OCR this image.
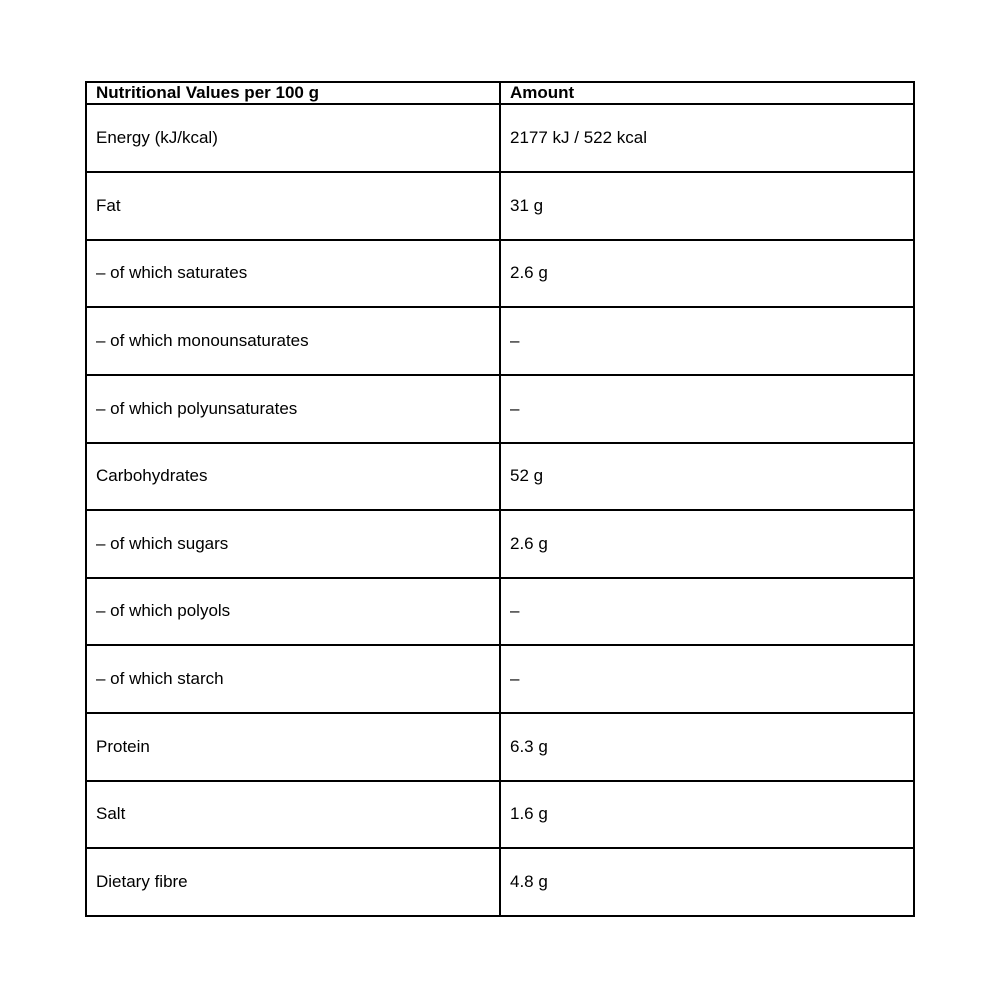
Nutritional Values per 100 g	Amount
Energy (kJ/kcal)	2177 kJ / 522 kcal
Fat	31 g
– of which saturates	2.6 g
– of which monounsaturates	–
– of which polyunsaturates	–
Carbohydrates	52 g
– of which sugars	2.6 g
– of which polyols	–
– of which starch	–
Protein	6.3 g
Salt	1.6 g
Dietary fibre	4.8 g
